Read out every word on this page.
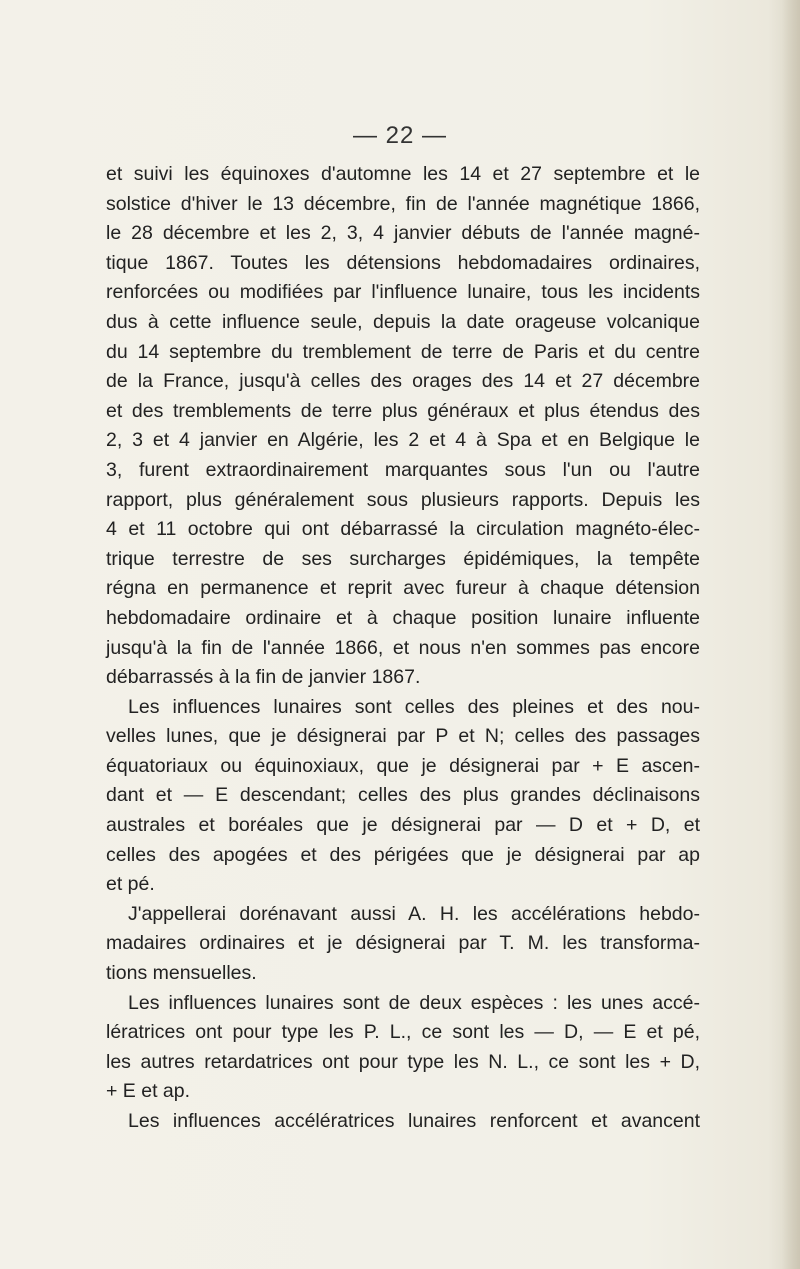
— 22 —
et suivi les équinoxes d'automne les 14 et 27 septembre et le
solstice d'hiver le 13 décembre, fin de l'année magnétique 1866,
le 28 décembre et les 2, 3, 4 janvier débuts de l'année magné-
tique 1867. Toutes les détensions hebdomadaires ordinaires,
renforcées ou modifiées par l'influence lunaire, tous les incidents
dus à cette influence seule, depuis la date orageuse volcanique
du 14 septembre du tremblement de terre de Paris et du centre
de la France, jusqu'à celles des orages des 14 et 27 décembre
et des tremblements de terre plus généraux et plus étendus des
2, 3 et 4 janvier en Algérie, les 2 et 4 à Spa et en Belgique le
3, furent extraordinairement marquantes sous l'un ou l'autre
rapport, plus généralement sous plusieurs rapports. Depuis les
4 et 11 octobre qui ont débarrassé la circulation magnéto-élec-
trique terrestre de ses surcharges épidémiques, la tempête
régna en permanence et reprit avec fureur à chaque détension
hebdomadaire ordinaire et à chaque position lunaire influente
jusqu'à la fin de l'année 1866, et nous n'en sommes pas encore
débarrassés à la fin de janvier 1867.
Les influences lunaires sont celles des pleines et des nou-
velles lunes, que je désignerai par P et N; celles des passages
équatoriaux ou équinoxiaux, que je désignerai par + E ascen-
dant et — E descendant; celles des plus grandes déclinaisons
australes et boréales que je désignerai par — D et + D, et
celles des apogées et des périgées que je désignerai par ap
et pé.
J'appellerai dorénavant aussi A. H. les accélérations hebdo-
madaires ordinaires et je désignerai par T. M. les transforma-
tions mensuelles.
Les influences lunaires sont de deux espèces : les unes accé-
lératrices ont pour type les P. L., ce sont les — D, — E et pé,
les autres retardatrices ont pour type les N. L., ce sont les + D,
+ E et ap.
Les influences accélératrices lunaires renforcent et avancent
